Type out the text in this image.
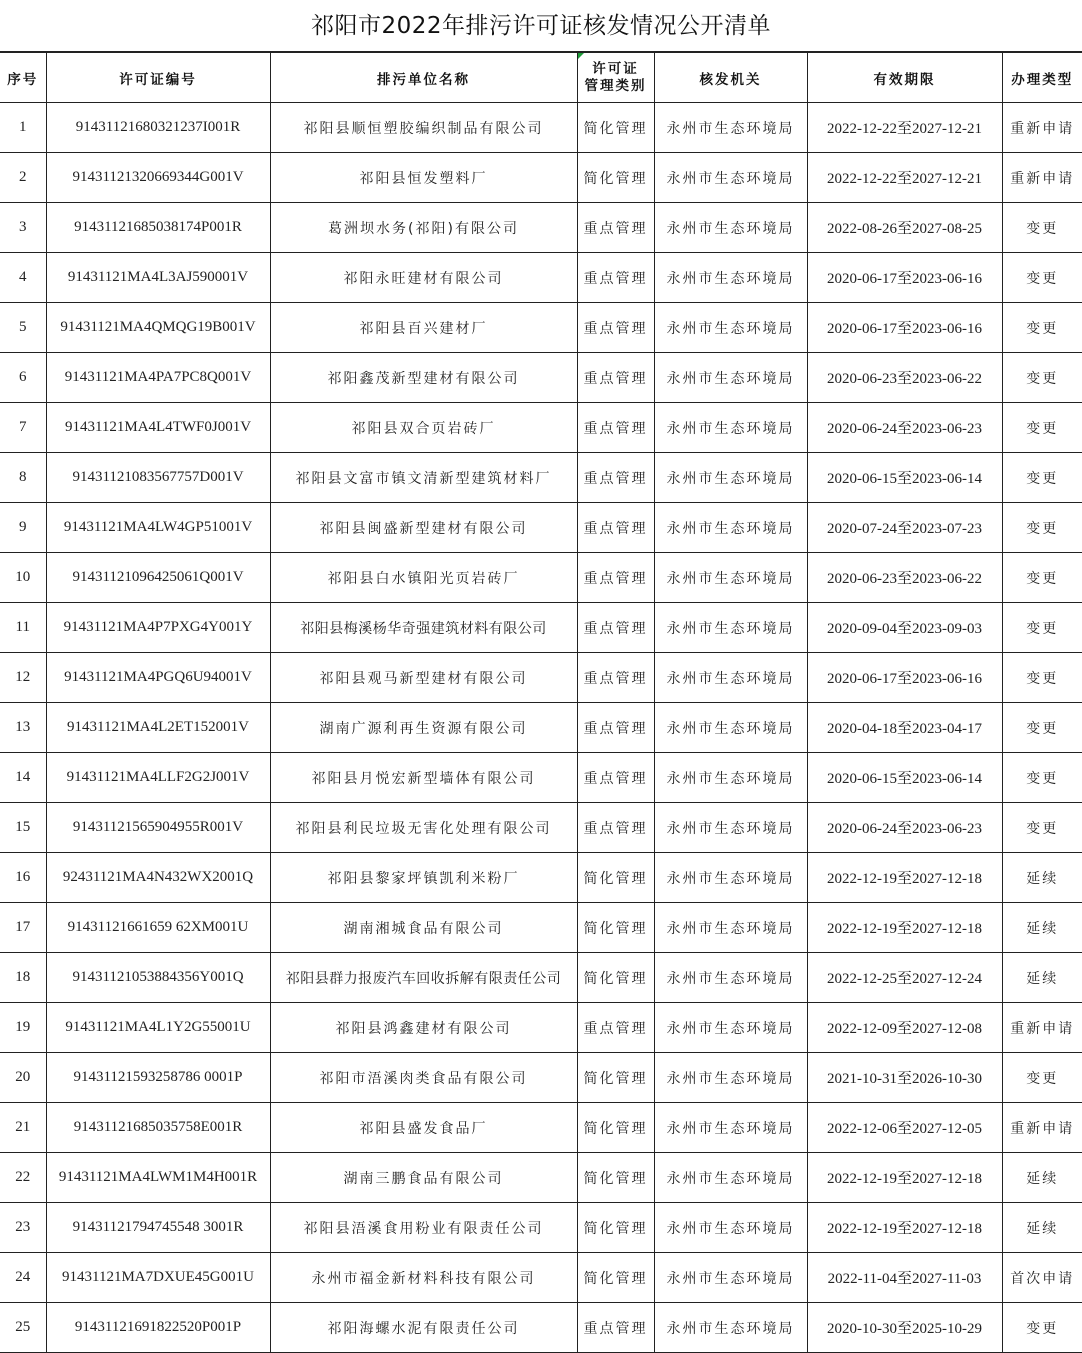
祁阳市2022年排污许可证核发情况公开清单
序号	许可证编号	排污单位名称	许可证
管理类别	核发机关	有效期限	办理类型
1	91431121680321237I001R	祁阳县顺恒塑胶编织制品有限公司	简化管理	永州市生态环境局	2022-12-22至2027-12-21	重新申请
2	91431121320669344G001V	祁阳县恒发塑料厂	简化管理	永州市生态环境局	2022-12-22至2027-12-21	重新申请
3	91431121685038174P001R	葛洲坝水务(祁阳)有限公司	重点管理	永州市生态环境局	2022-08-26至2027-08-25	变更
4	91431121MA4L3AJ590001V	祁阳永旺建材有限公司	重点管理	永州市生态环境局	2020-06-17至2023-06-16	变更
5	91431121MA4QMQG19B001V	祁阳县百兴建材厂	重点管理	永州市生态环境局	2020-06-17至2023-06-16	变更
6	91431121MA4PA7PC8Q001V	祁阳鑫茂新型建材有限公司	重点管理	永州市生态环境局	2020-06-23至2023-06-22	变更
7	91431121MA4L4TWF0J001V	祁阳县双合页岩砖厂	重点管理	永州市生态环境局	2020-06-24至2023-06-23	变更
8	91431121083567757D001V	祁阳县文富市镇文清新型建筑材料厂	重点管理	永州市生态环境局	2020-06-15至2023-06-14	变更
9	91431121MA4LW4GP51001V	祁阳县闽盛新型建材有限公司	重点管理	永州市生态环境局	2020-07-24至2023-07-23	变更
10	91431121096425061Q001V	祁阳县白水镇阳光页岩砖厂	重点管理	永州市生态环境局	2020-06-23至2023-06-22	变更
11	91431121MA4P7PXG4Y001Y	祁阳县梅溪杨华奇强建筑材料有限公司	重点管理	永州市生态环境局	2020-09-04至2023-09-03	变更
12	91431121MA4PGQ6U94001V	祁阳县观马新型建材有限公司	重点管理	永州市生态环境局	2020-06-17至2023-06-16	变更
13	91431121MA4L2ET152001V	湖南广源利再生资源有限公司	重点管理	永州市生态环境局	2020-04-18至2023-04-17	变更
14	91431121MA4LLF2G2J001V	祁阳县月悦宏新型墙体有限公司	重点管理	永州市生态环境局	2020-06-15至2023-06-14	变更
15	91431121565904955R001V	祁阳县利民垃圾无害化处理有限公司	重点管理	永州市生态环境局	2020-06-24至2023-06-23	变更
16	92431121MA4N432WX2001Q	祁阳县黎家坪镇凯利米粉厂	简化管理	永州市生态环境局	2022-12-19至2027-12-18	延续
17	91431121661659 62XM001U	湖南湘城食品有限公司	简化管理	永州市生态环境局	2022-12-19至2027-12-18	延续
18	91431121053884356Y001Q	祁阳县群力报废汽车回收拆解有限责任公司	简化管理	永州市生态环境局	2022-12-25至2027-12-24	延续
19	91431121MA4L1Y2G55001U	祁阳县鸿鑫建材有限公司	重点管理	永州市生态环境局	2022-12-09至2027-12-08	重新申请
20	91431121593258786 0001P	祁阳市浯溪肉类食品有限公司	简化管理	永州市生态环境局	2021-10-31至2026-10-30	变更
21	91431121685035758E001R	祁阳县盛发食品厂	简化管理	永州市生态环境局	2022-12-06至2027-12-05	重新申请
22	91431121MA4LWM1M4H001R	湖南三鹏食品有限公司	简化管理	永州市生态环境局	2022-12-19至2027-12-18	延续
23	91431121794745548 3001R	祁阳县浯溪食用粉业有限责任公司	简化管理	永州市生态环境局	2022-12-19至2027-12-18	延续
24	91431121MA7DXUE45G001U	永州市福金新材料科技有限公司	简化管理	永州市生态环境局	2022-11-04至2027-11-03	首次申请
25	91431121691822520P001P	祁阳海螺水泥有限责任公司	重点管理	永州市生态环境局	2020-10-30至2025-10-29	变更
